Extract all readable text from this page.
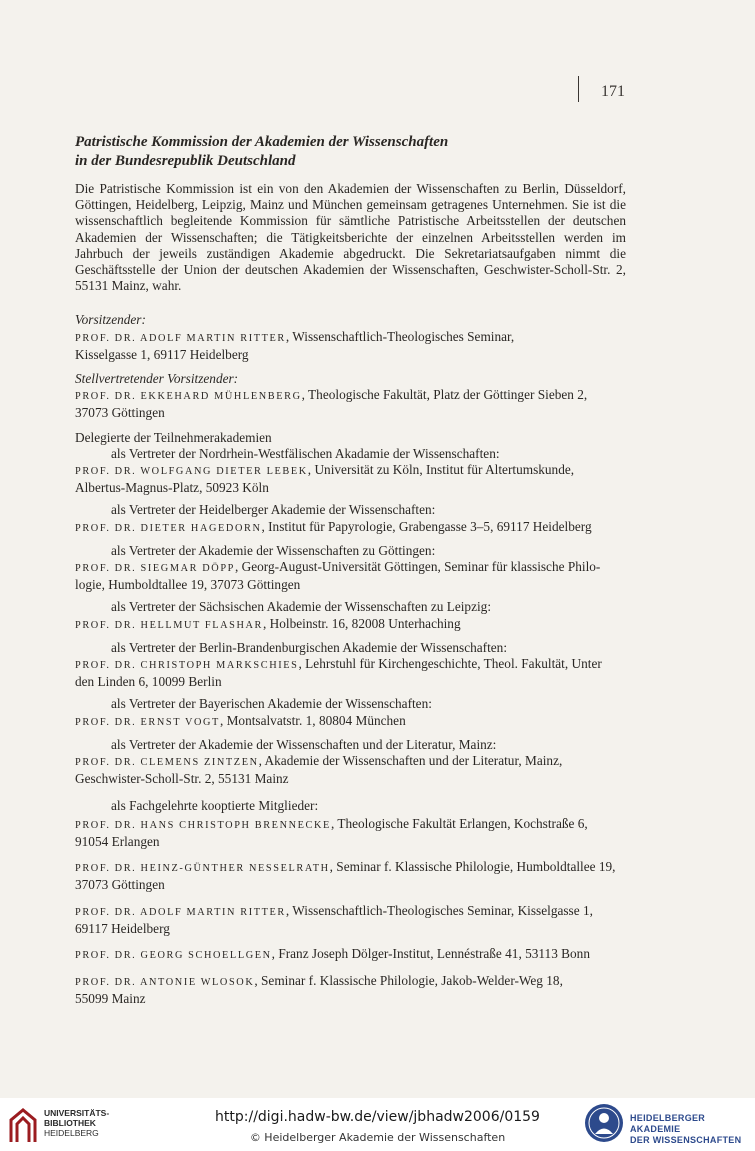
171
Patristische Kommission der Akademien der Wissenschaften
in der Bundesrepublik Deutschland

Die Patristische Kommission ist ein von den Akademien der Wissenschaften zu Berlin, Düsseldorf, Göttingen, Heidelberg, Leipzig, Mainz und München gemeinsam getragenes Unternehmen. Sie ist die wissenschaftlich begleitende Kommission für sämtliche Patristische Arbeitsstellen der deutschen Akademien der Wissenschaften; die Tätigkeitsberichte der einzelnen Arbeitsstellen werden im Jahrbuch der jeweils zuständigen Akademie abgedruckt. Die Sekretariatsaufgaben nimmt die Geschäftsstelle der Union der deutschen Akademien der Wissenschaften, Geschwister-Scholl-Str. 2, 55131 Mainz, wahr.

Vorsitzender:
PROF. DR. ADOLF MARTIN RITTER, Wissenschaftlich-Theologisches Seminar,
Kisselgasse 1, 69117 Heidelberg
Stellvertretender Vorsitzender:
PROF. DR. EKKEHARD MÜHLENBERG, Theologische Fakultät, Platz der Göttinger Sieben 2,
37073 Göttingen
Delegierte der Teilnehmerakademien
als Vertreter der Nordrhein-Westfälischen Akadamie der Wissenschaften:
PROF. DR. WOLFGANG DIETER LEBEK, Universität zu Köln, Institut für Altertumskunde,
Albertus-Magnus-Platz, 50923 Köln
als Vertreter der Heidelberger Akademie der Wissenschaften:
PROF. DR. DIETER HAGEDORN, Institut für Papyrologie, Grabengasse 3–5, 69117 Heidelberg
als Vertreter der Akademie der Wissenschaften zu Göttingen:
PROF. DR. SIEGMAR DÖPP, Georg-August-Universität Göttingen, Seminar für klassische Philo-
logie, Humboldtallee 19, 37073 Göttingen
als Vertreter der Sächsischen Akademie der Wissenschaften zu Leipzig:
PROF. DR. HELLMUT FLASHAR, Holbeinstr. 16, 82008 Unterhaching
als Vertreter der Berlin-Brandenburgischen Akademie der Wissenschaften:
PROF. DR. CHRISTOPH MARKSCHIES, Lehrstuhl für Kirchengeschichte, Theol. Fakultät, Unter
den Linden 6, 10099 Berlin
als Vertreter der Bayerischen Akademie der Wissenschaften:
PROF. DR. ERNST VOGT, Montsalvatstr. 1, 80804 München
als Vertreter der Akademie der Wissenschaften und der Literatur, Mainz:
PROF. DR. CLEMENS ZINTZEN, Akademie der Wissenschaften und der Literatur, Mainz,
Geschwister-Scholl-Str. 2, 55131 Mainz
als Fachgelehrte kooptierte Mitglieder:
PROF. DR. HANS CHRISTOPH BRENNECKE, Theologische Fakultät Erlangen, Kochstraße 6,
91054 Erlangen
PROF. DR. HEINZ-GÜNTHER NESSELRATH, Seminar f. Klassische Philologie, Humboldtallee 19,
37073 Göttingen
PROF. DR. ADOLF MARTIN RITTER, Wissenschaftlich-Theologisches Seminar, Kisselgasse 1,
69117 Heidelberg
PROF. DR. GEORG SCHOELLGEN, Franz Joseph Dölger-Institut, Lennéstraße 41, 53113 Bonn
PROF. DR. ANTONIE WLOSOK, Seminar f. Klassische Philologie, Jakob-Welder-Weg 18,
55099 Mainz
UNIVERSITÄTS-
BIBLIOTHEK
HEIDELBERG
http://digi.hadw-bw.de/view/jbhadw2006/0159
© Heidelberger Akademie der Wissenschaften
HEIDELBERGER AKADEMIE
DER WISSENSCHAFTEN
